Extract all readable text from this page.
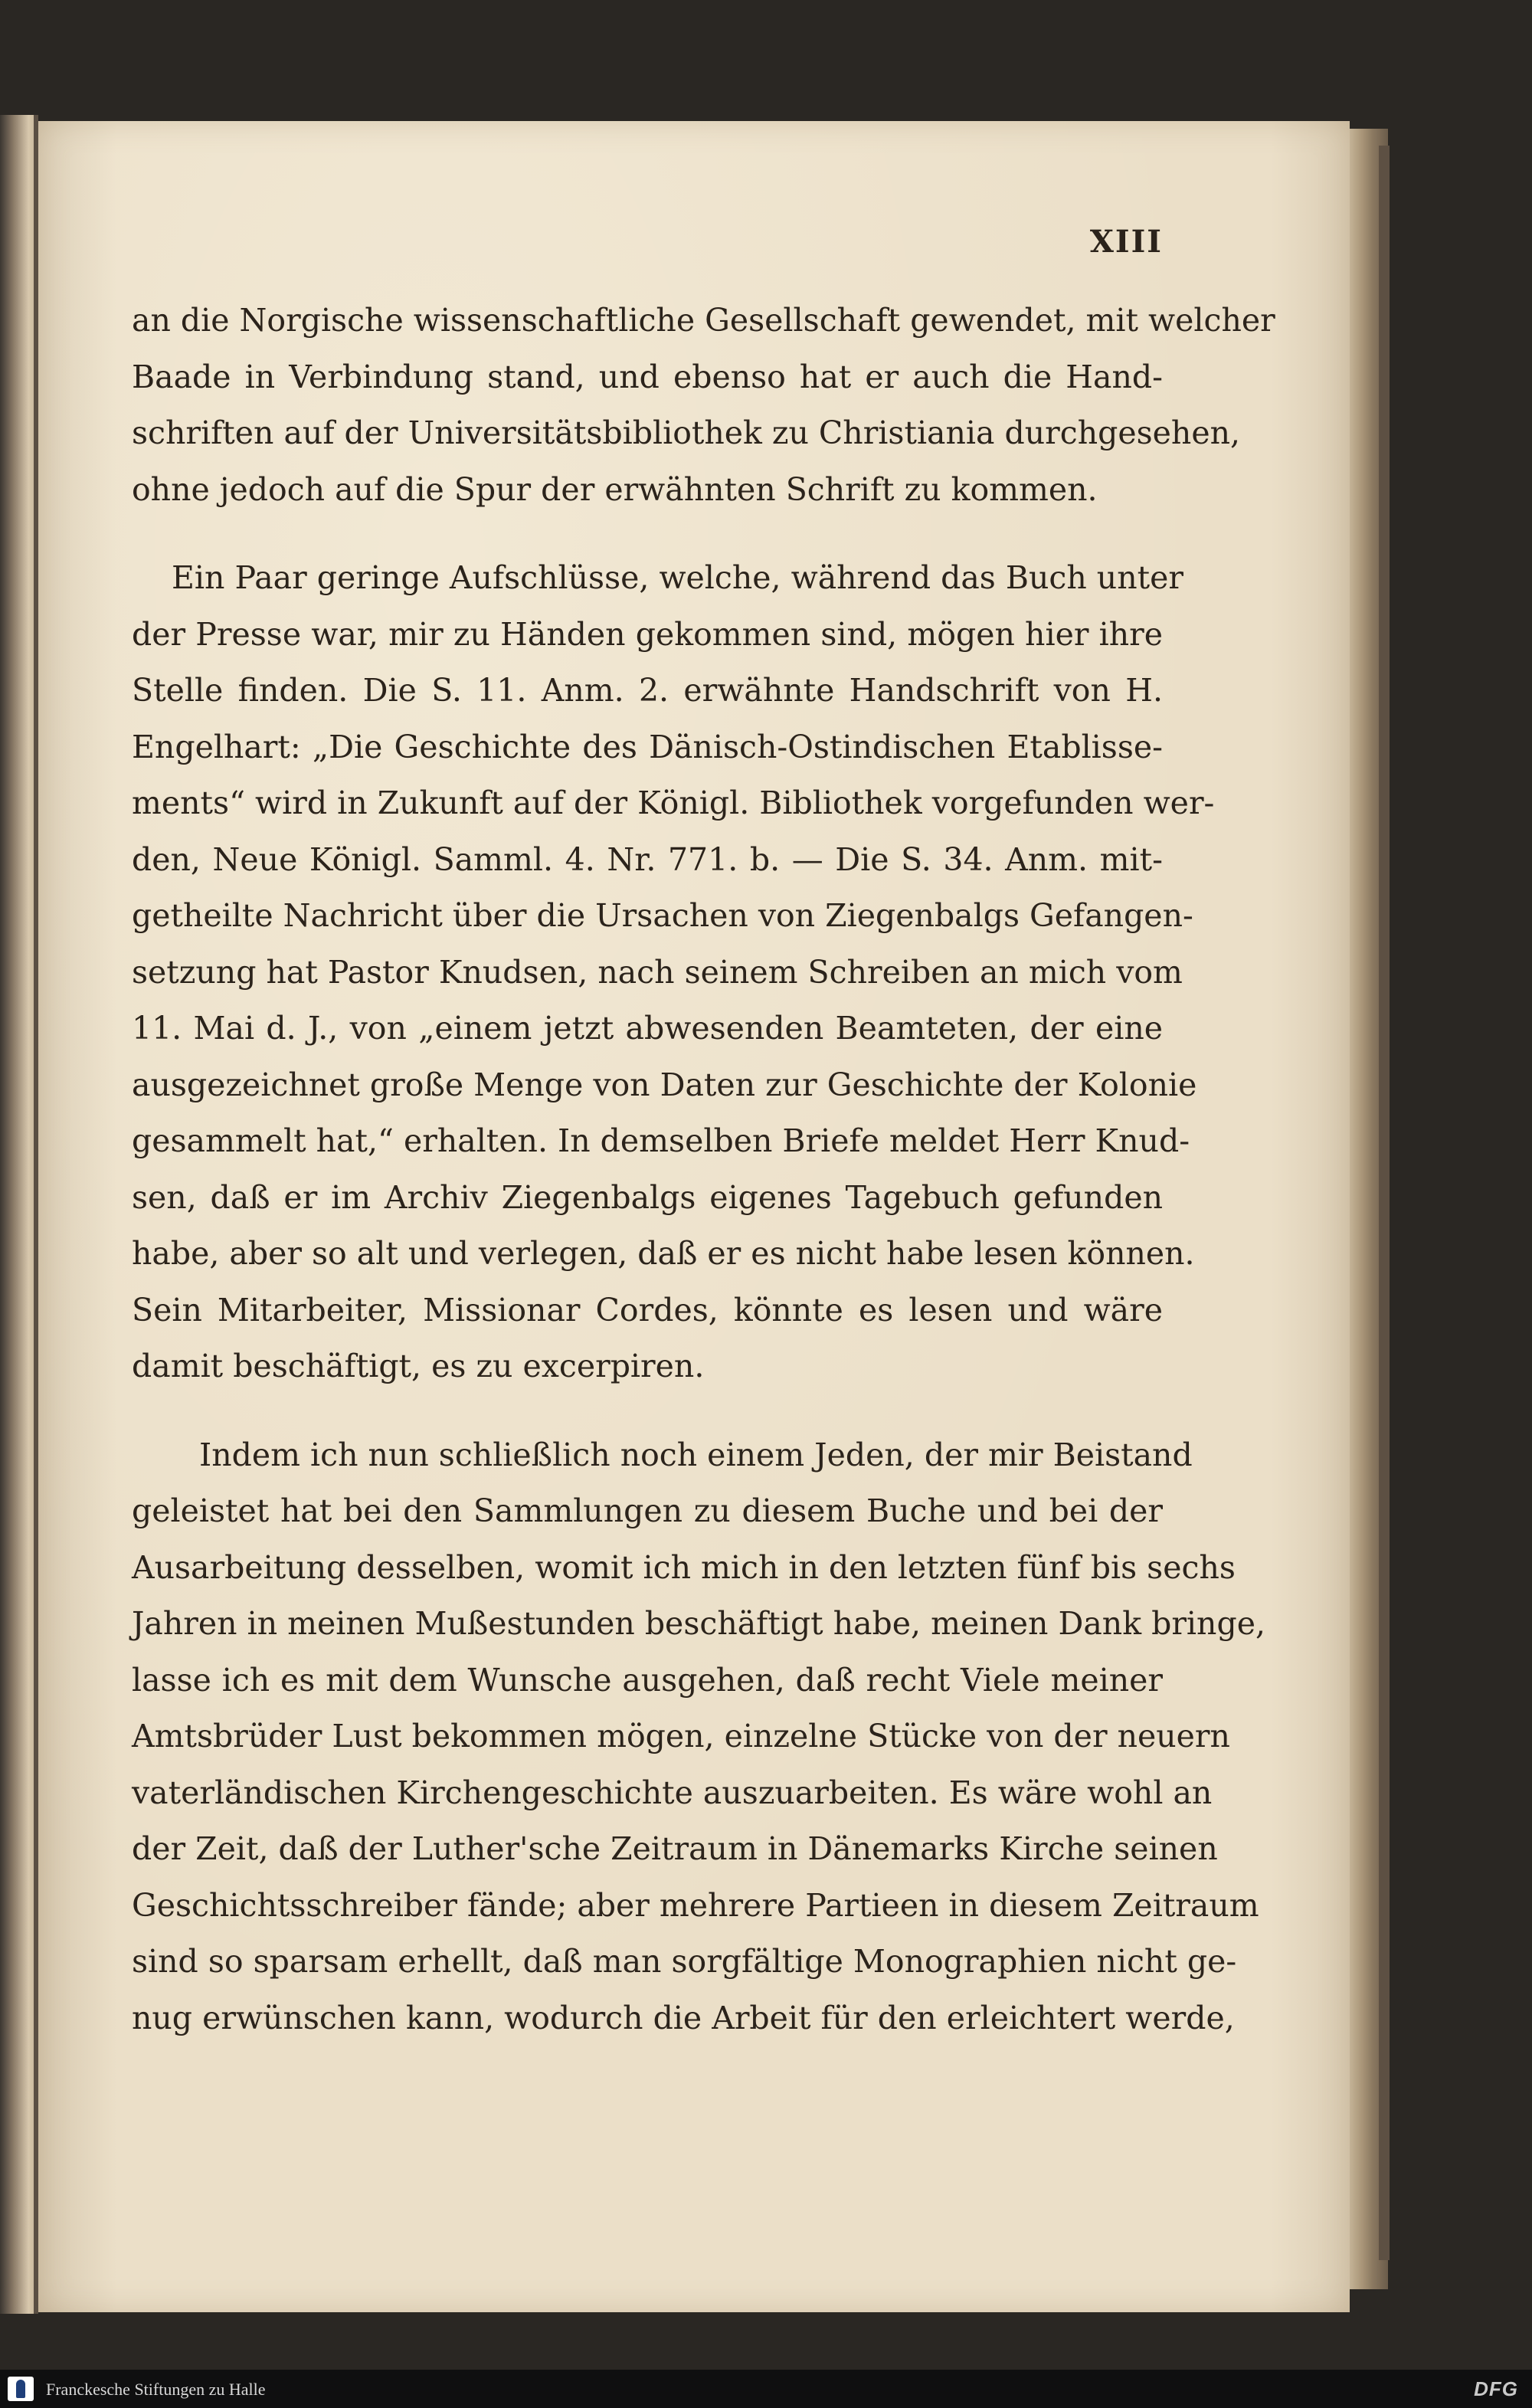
XIII

an die Norgische wissenschaftliche Gesellschaft gewendet, mit welcher
Baade in Verbindung stand, und ebenso hat er auch die Hand-
schriften auf der Universitätsbibliothek zu Christiania durchgesehen,
ohne jedoch auf die Spur der erwähnten Schrift zu kommen.

Ein Paar geringe Aufschlüsse, welche, während das Buch unter
der Presse war, mir zu Händen gekommen sind, mögen hier ihre
Stelle finden. Die S. 11. Anm. 2. erwähnte Handschrift von H.
Engelhart: „Die Geschichte des Dänisch-Ostindischen Etablisse-
ments“ wird in Zukunft auf der Königl. Bibliothek vorgefunden wer-
den, Neue Königl. Samml. 4. Nr. 771. b. — Die S. 34. Anm. mit-
getheilte Nachricht über die Ursachen von Ziegenbalgs Gefangen-
setzung hat Pastor Knudsen, nach seinem Schreiben an mich vom
11. Mai d. J., von „einem jetzt abwesenden Beamteten, der eine
ausgezeichnet große Menge von Daten zur Geschichte der Kolonie
gesammelt hat,“ erhalten. In demselben Briefe meldet Herr Knud-
sen, daß er im Archiv Ziegenbalgs eigenes Tagebuch gefunden
habe, aber so alt und verlegen, daß er es nicht habe lesen können.
Sein Mitarbeiter, Missionar Cordes, könnte es lesen und wäre
damit beschäftigt, es zu excerpiren.

Indem ich nun schließlich noch einem Jeden, der mir Beistand
geleistet hat bei den Sammlungen zu diesem Buche und bei der
Ausarbeitung desselben, womit ich mich in den letzten fünf bis sechs
Jahren in meinen Mußestunden beschäftigt habe, meinen Dank bringe,
lasse ich es mit dem Wunsche ausgehen, daß recht Viele meiner
Amtsbrüder Lust bekommen mögen, einzelne Stücke von der neuern
vaterländischen Kirchengeschichte auszuarbeiten. Es wäre wohl an
der Zeit, daß der Luther'sche Zeitraum in Dänemarks Kirche seinen
Geschichtsschreiber fände; aber mehrere Partieen in diesem Zeitraum
sind so sparsam erhellt, daß man sorgfältige Monographien nicht ge-
nug erwünschen kann, wodurch die Arbeit für den erleichtert werde,

Franckesche Stiftungen zu Halle	DFG
